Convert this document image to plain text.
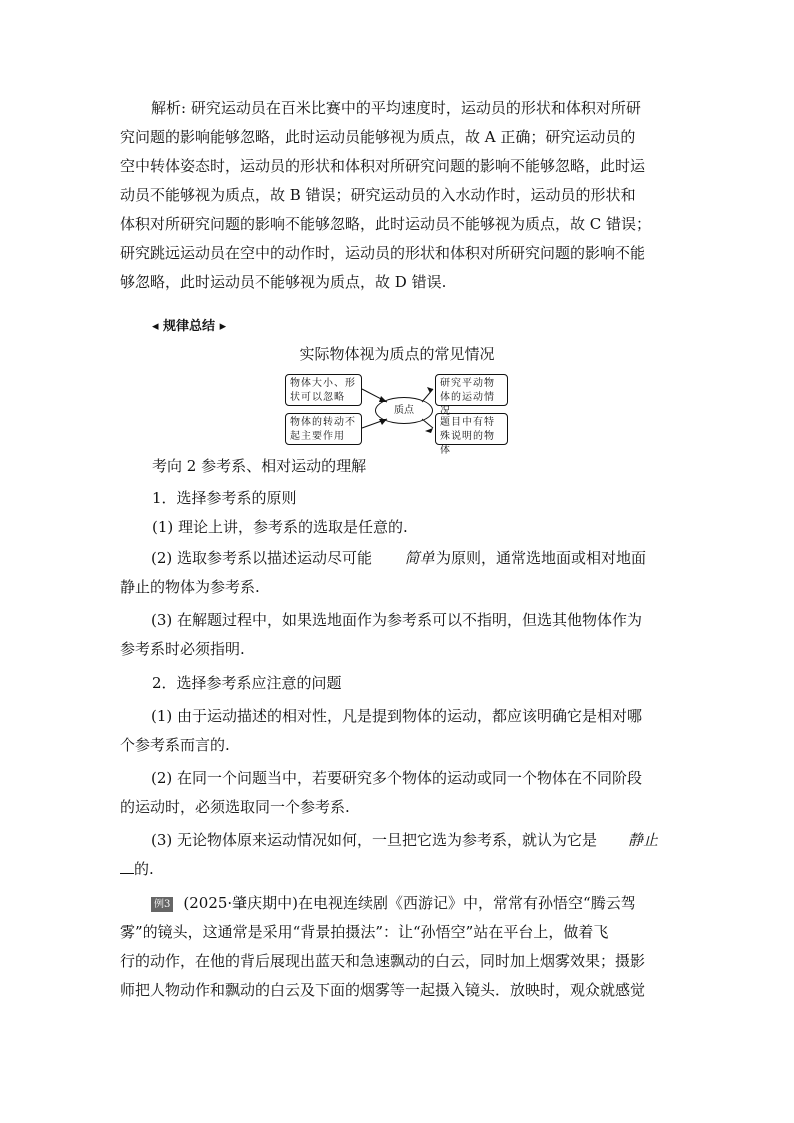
解析: 研究运动员在百米比赛中的平均速度时，运动员的形状和体积对所研
究问题的影响能够忽略，此时运动员能够视为质点，故 A 正确；研究运动员的
空中转体姿态时，运动员的形状和体积对所研究问题的影响不能够忽略，此时运
动员不能够视为质点，故 B 错误；研究运动员的入水动作时，运动员的形状和
体积对所研究问题的影响不能够忽略，此时运动员不能够视为质点，故 C 错误；
研究跳远运动员在空中的动作时，运动员的形状和体积对所研究问题的影响不能
够忽略，此时运动员不能够视为质点，故 D 错误.
◂ 规律总结 ▸
实际物体视为质点的常见情况
物体大小、形状可以忽略
物体的转动不起主要作用
研究平动物体的运动情况
题目中有特殊说明的物体
质点
考向 2 参考系、相对运动的理解
1．选择参考系的原则
(1) 理论上讲，参考系的选取是任意的.
(2) 选取参考系以描述运动尽可能 简单 为原则，通常选地面或相对地面
静止的物体为参考系.
(3) 在解题过程中，如果选地面作为参考系可以不指明，但选其他物体作为
参考系时必须指明.
2．选择参考系应注意的问题
(1) 由于运动描述的相对性，凡是提到物体的运动，都应该明确它是相对哪
个参考系而言的.
(2) 在同一个问题当中，若要研究多个物体的运动或同一个物体在不同阶段
的运动时，必须选取同一个参考系.
(3) 无论物体原来运动情况如何，一旦把它选为参考系，就认为它是 静止
的.
例3 (2025·肇庆期中)在电视连续剧《西游记》中，常常有孙悟空“腾云驾
雾”的镜头，这通常是采用“背景拍摄法”：让“孙悟空”站在平台上，做着飞
行的动作，在他的背后展现出蓝天和急速飘动的白云，同时加上烟雾效果；摄影
师把人物动作和飘动的白云及下面的烟雾等一起摄入镜头．放映时，观众就感觉
